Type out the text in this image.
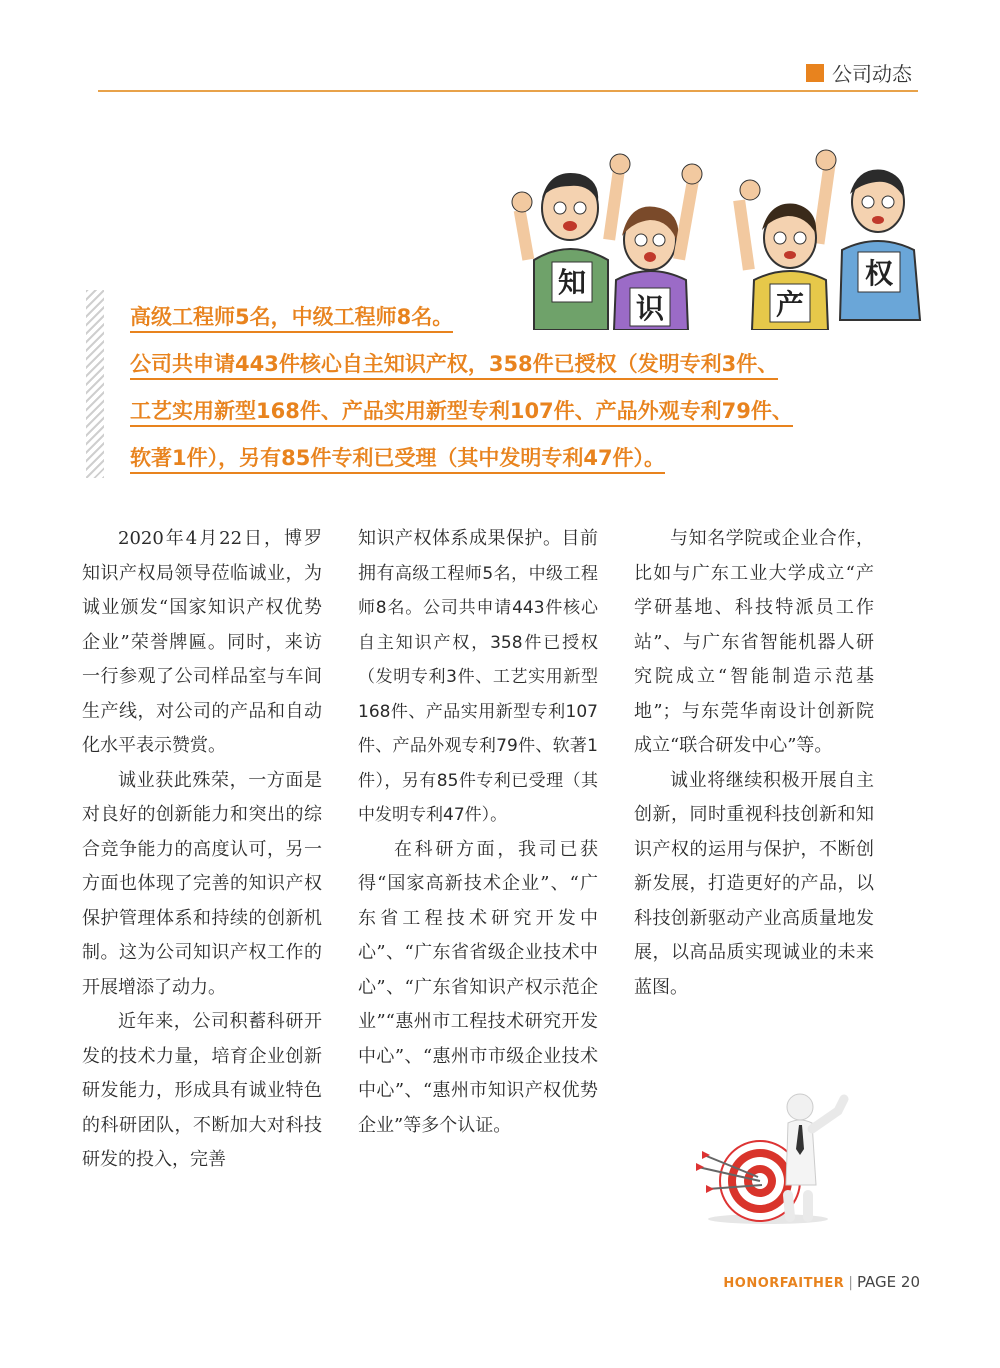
公司动态
知
识	产
权
高级工程师5名，中级工程师8名。
公司共申请443件核心自主知识产权，358件已授权（发明专利3件、
工艺实用新型168件、产品实用新型专利107件、产品外观专利79件、
软著1件），另有85件专利已受理（其中发明专利47件）。

2020年4月22日，博罗知识产权局领导莅临诚业，为诚业颁发“国家知识产权优势企业”荣誉牌匾。同时，来访一行参观了公司样品室与车间生产线，对公司的产品和自动化水平表示赞赏。

诚业获此殊荣，一方面是对良好的创新能力和突出的综合竞争能力的高度认可，另一方面也体现了完善的知识产权保护管理体系和持续的创新机制。这为公司知识产权工作的开展增添了动力。

近年来，公司积蓄科研开发的技术力量，培育企业创新研发能力，形成具有诚业特色的科研团队，不断加大对科技研发的投入，完善

知识产权体系成果保护。目前拥有高级工程师5名，中级工程师8名。公司共申请443件核心自主知识产权，358件已授权（发明专利3件、工艺实用新型168件、产品实用新型专利107件、产品外观专利79件、软著1件），另有85件专利已受理（其中发明专利47件）。

在科研方面，我司已获得“国家高新技术企业”、“广东省工程技术研究开发中心”、“广东省省级企业技术中心”、“广东省知识产权示范企业”“惠州市工程技术研究开发中心”、“惠州市市级企业技术中心”、“惠州市知识产权优势企业”等多个认证。

与知名学院或企业合作，比如与广东工业大学成立“产学研基地、科技特派员工作站”、与广东省智能机器人研究院成立“智能制造示范基地”；与东莞华南设计创新院成立“联合研发中心”等。

诚业将继续积极开展自主创新，同时重视科技创新和知识产权的运用与保护，不断创新发展，打造更好的产品，以科技创新驱动产业高质量地发展，以高品质实现诚业的未来蓝图。

HONORFAITHER | PAGE 20
